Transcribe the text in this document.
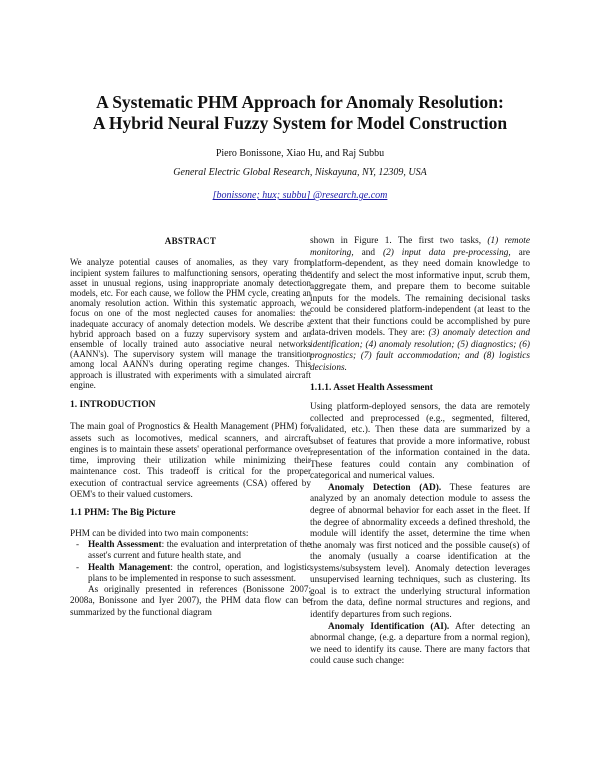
A Systematic PHM Approach for Anomaly Resolution:
A Hybrid Neural Fuzzy System for Model Construction
Piero Bonissone, Xiao Hu, and Raj Subbu
General Electric Global Research, Niskayuna, NY, 12309, USA
[bonissone; hux; subbu] @research.ge.com
ABSTRACT

We analyze potential causes of anomalies, as they vary from incipient system failures to malfunctioning sensors, operating the asset in unusual regions, using inappropriate anomaly detection models, etc. For each cause, we follow the PHM cycle, creating an anomaly resolution action. Within this systematic approach, we focus on one of the most neglected causes for anomalies: the inadequate accuracy of anomaly detection models. We describe a hybrid approach based on a fuzzy supervisory system and an ensemble of locally trained auto associative neural networks (AANN's). The supervisory system will manage the transition among local AANN's during operating regime changes. This approach is illustrated with experiments with a simulated aircraft engine.

1. INTRODUCTION

The main goal of Prognostics & Health Management (PHM) for assets such as locomotives, medical scanners, and aircraft engines is to maintain these assets' operational performance over time, improving their utilization while minimizing their maintenance cost. This tradeoff is critical for the proper execution of contractual service agreements (CSA) offered by OEM's to their valued customers.

1.1 PHM: The Big Picture

PHM can be divided into two main components:

- Health Assessment: the evaluation and interpretation of the asset's current and future health state, and
- Health Management: the control, operation, and logistic plans to be implemented in response to such assessment.

As originally presented in references (Bonissone 2007; 2008a, Bonissone and Iyer 2007), the PHM data flow can be summarized by the functional diagram

shown in Figure 1. The first two tasks, (1) remote monitoring, and (2) input data pre-processing, are platform-dependent, as they need domain knowledge to identify and select the most informative input, scrub them, aggregate them, and prepare them to become suitable inputs for the models. The remaining decisional tasks could be considered platform-independent (at least to the extent that their functions could be accomplished by pure data-driven models. They are: (3) anomaly detection and identification; (4) anomaly resolution; (5) diagnostics; (6) prognostics; (7) fault accommodation; and (8) logistics decisions.

1.1.1. Asset Health Assessment

Using platform-deployed sensors, the data are remotely collected and preprocessed (e.g., segmented, filtered, validated, etc.). Then these data are summarized by a subset of features that provide a more informative, robust representation of the information contained in the data. These features could contain any combination of categorical and numerical values.

Anomaly Detection (AD). These features are analyzed by an anomaly detection module to assess the degree of abnormal behavior for each asset in the fleet. If the degree of abnormality exceeds a defined threshold, the module will identify the asset, determine the time when the anomaly was first noticed and the possible cause(s) of the anomaly (usually a coarse identification at the systems/subsystem level). Anomaly detection leverages unsupervised learning techniques, such as clustering. Its goal is to extract the underlying structural information from the data, define normal structures and regions, and identify departures from such regions.

Anomaly Identification (AI). After detecting an abnormal change, (e.g. a departure from a normal region), we need to identify its cause. There are many factors that could cause such change:
